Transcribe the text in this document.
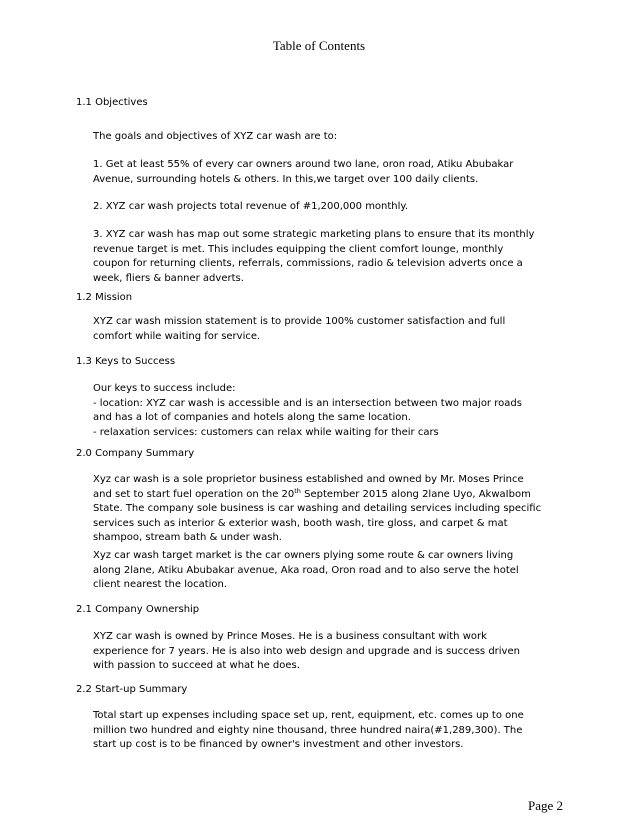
Table of Contents
1.1 Objectives
The goals and objectives of XYZ car wash are to:
1. Get at least 55% of every car owners around two lane, oron road, Atiku Abubakar
Avenue, surrounding hotels & others. In this,we target over 100 daily clients.
2. XYZ car wash projects total revenue of #1,200,000 monthly.
3. XYZ car wash has map out some strategic marketing plans to ensure that its monthly
revenue target is met. This includes equipping the client comfort lounge, monthly
coupon for returning clients, referrals, commissions, radio & television adverts once a
week, fliers & banner adverts.
1.2 Mission
XYZ car wash mission statement is to provide 100% customer satisfaction and full
comfort while waiting for service.
1.3 Keys to Success
Our keys to success include:
- location: XYZ car wash is accessible and is an intersection between two major roads
and has a lot of companies and hotels along the same location.
- relaxation services: customers can relax while waiting for their cars
2.0 Company Summary
Xyz car wash is a sole proprietor business established and owned by Mr. Moses Prince
and set to start fuel operation on the 20th September 2015 along 2lane Uyo, AkwaIbom
State. The company sole business is car washing and detailing services including specific
services such as interior & exterior wash, booth wash, tire gloss, and carpet & mat
shampoo, stream bath & under wash.
Xyz car wash target market is the car owners plying some route & car owners living
along 2lane, Atiku Abubakar avenue, Aka road, Oron road and to also serve the hotel
client nearest the location.
2.1 Company Ownership
XYZ car wash is owned by Prince Moses. He is a business consultant with work
experience for 7 years. He is also into web design and upgrade and is success driven
with passion to succeed at what he does.
2.2 Start-up Summary
Total start up expenses including space set up, rent, equipment, etc. comes up to one
million two hundred and eighty nine thousand, three hundred naira(#1,289,300). The
start up cost is to be financed by owner's investment and other investors.
Page 2
